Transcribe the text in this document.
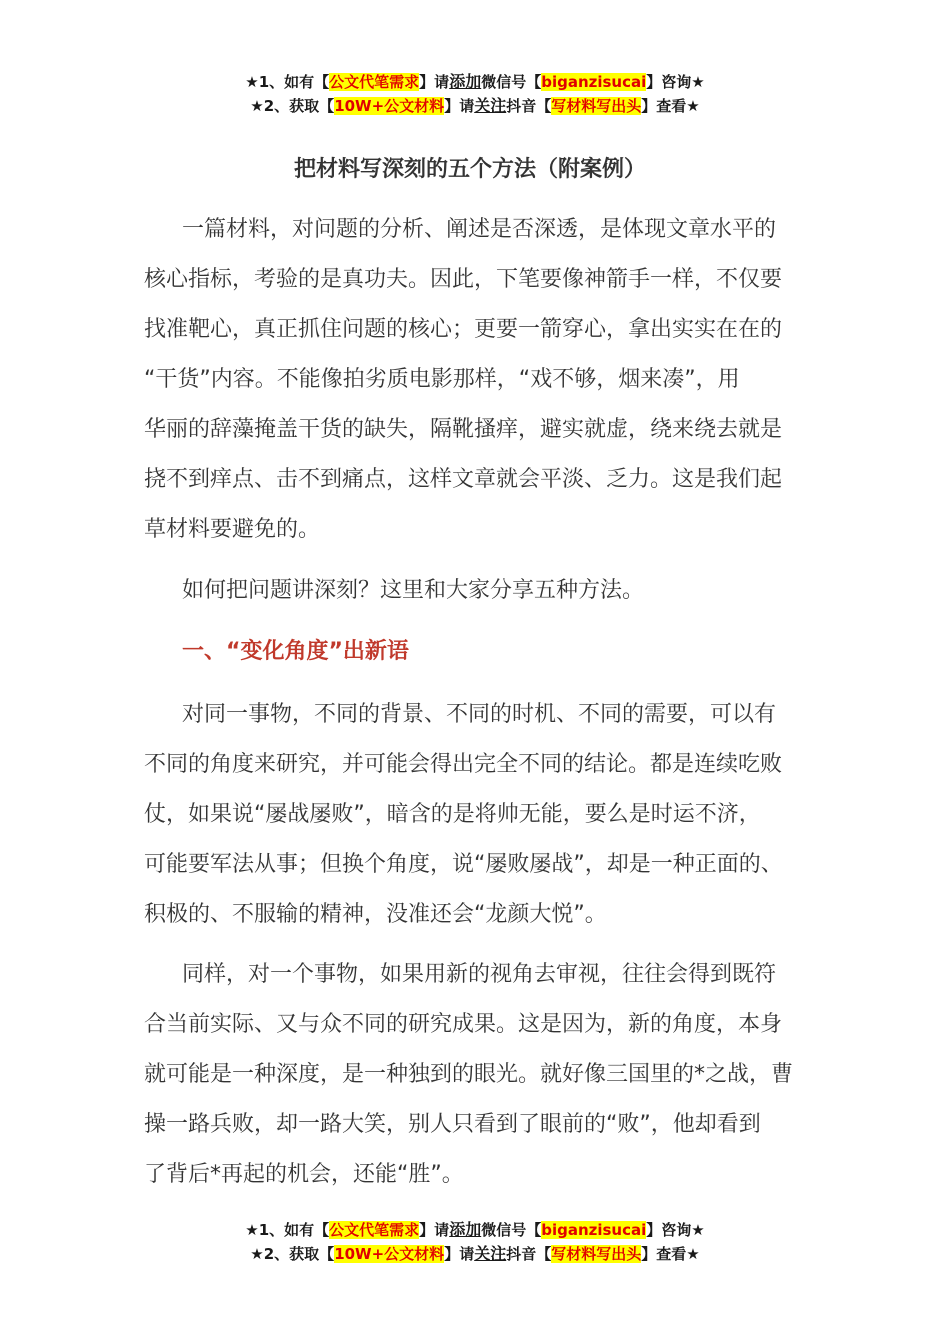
★1、如有【公文代笔需求】请添加微信号【biganzisucai】咨询★
★2、获取【10W+公文材料】请关注抖音【写材料写出头】查看★
把材料写深刻的五个方法（附案例）

一篇材料，对问题的分析、阐述是否深透，是体现文章水平的
核心指标，考验的是真功夫。因此，下笔要像神箭手一样，不仅要
找准靶心，真正抓住问题的核心；更要一箭穿心，拿出实实在在的
“干货”内容。不能像拍劣质电影那样，“戏不够，烟来凑”，用
华丽的辞藻掩盖干货的缺失，隔靴搔痒，避实就虚，绕来绕去就是
挠不到痒点、击不到痛点，这样文章就会平淡、乏力。这是我们起
草材料要避免的。

如何把问题讲深刻？这里和大家分享五种方法。

一、“变化角度”出新语

对同一事物，不同的背景、不同的时机、不同的需要，可以有
不同的角度来研究，并可能会得出完全不同的结论。都是连续吃败
仗，如果说“屡战屡败”，暗含的是将帅无能，要么是时运不济，
可能要军法从事；但换个角度，说“屡败屡战”，却是一种正面的、
积极的、不服输的精神，没准还会“龙颜大悦”。

同样，对一个事物，如果用新的视角去审视，往往会得到既符
合当前实际、又与众不同的研究成果。这是因为，新的角度，本身
就可能是一种深度，是一种独到的眼光。就好像三国里的*之战，曹
操一路兵败，却一路大笑，别人只看到了眼前的“败”，他却看到
了背后*再起的机会，还能“胜”。

★1、如有【公文代笔需求】请添加微信号【biganzisucai】咨询★
★2、获取【10W+公文材料】请关注抖音【写材料写出头】查看★
